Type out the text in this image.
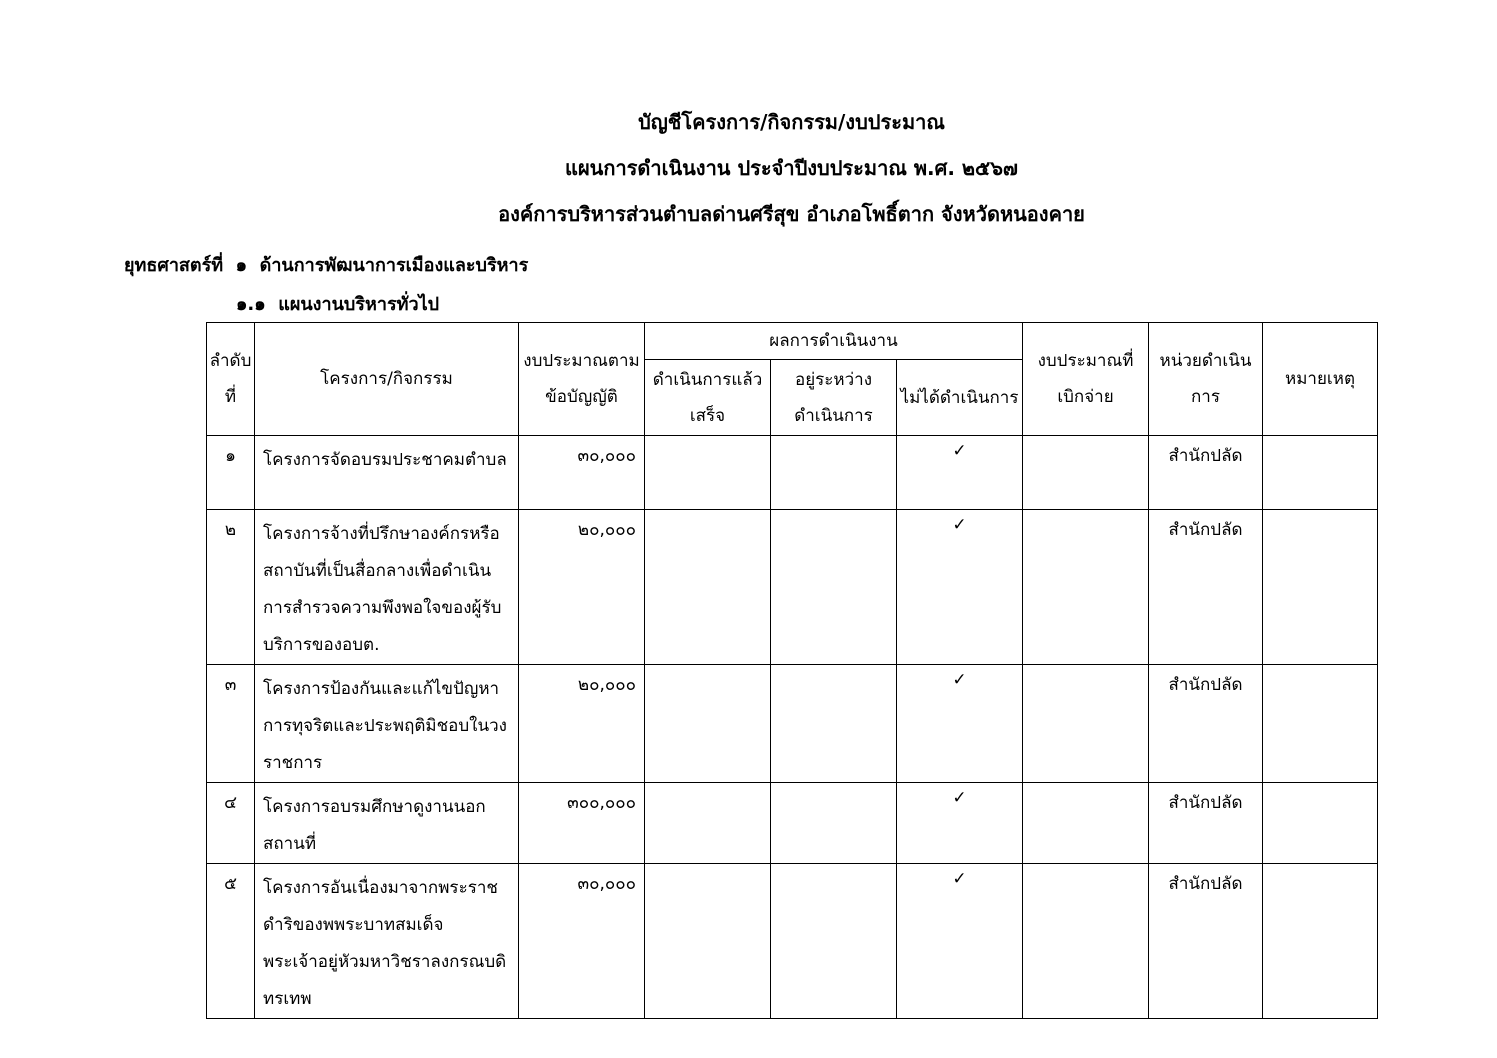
บัญชีโครงการ/กิจกรรม/งบประมาณ
แผนการดำเนินงาน ประจำปีงบประมาณ พ.ศ. ๒๕๖๗
องค์การบริหารส่วนตำบลด่านศรีสุข อำเภอโพธิ์ตาก จังหวัดหนองคาย
ยุทธศาสตร์ที่  ๑  ด้านการพัฒนาการเมืองและบริหาร
๑.๑  แผนงานบริหารทั่วไป
ลำดับที่	โครงการ/กิจกรรม	งบประมาณตามข้อบัญญัติ	ผลการดำเนินงาน			งบประมาณที่เบิกจ่าย	หน่วยดำเนินการ	หมายเหตุ
			ดำเนินการแล้วเสร็จ	อยู่ระหว่างดำเนินการ	ไม่ได้ดำเนินการ			
๑	โครงการจัดอบรมประชาคมตำบล	๓๐,๐๐๐			✓		สำนักปลัด	
๒	โครงการจ้างที่ปรึกษาองค์กรหรือสถาบันที่เป็นสื่อกลางเพื่อดำเนินการสำรวจความพึงพอใจของผู้รับบริการของอบต.	๒๐,๐๐๐			✓		สำนักปลัด	
๓	โครงการป้องกันและแก้ไขปัญหาการทุจริตและประพฤติมิชอบในวงราชการ	๒๐,๐๐๐			✓		สำนักปลัด	
๔	โครงการอบรมศึกษาดูงานนอกสถานที่	๓๐๐,๐๐๐			✓		สำนักปลัด	
๕	โครงการอันเนื่องมาจากพระราชดำริของพพระบาทสมเด็จพระเจ้าอยู่หัวมหาวิชราลงกรณบดิทรเทพ	๓๐,๐๐๐			✓		สำนักปลัด	
